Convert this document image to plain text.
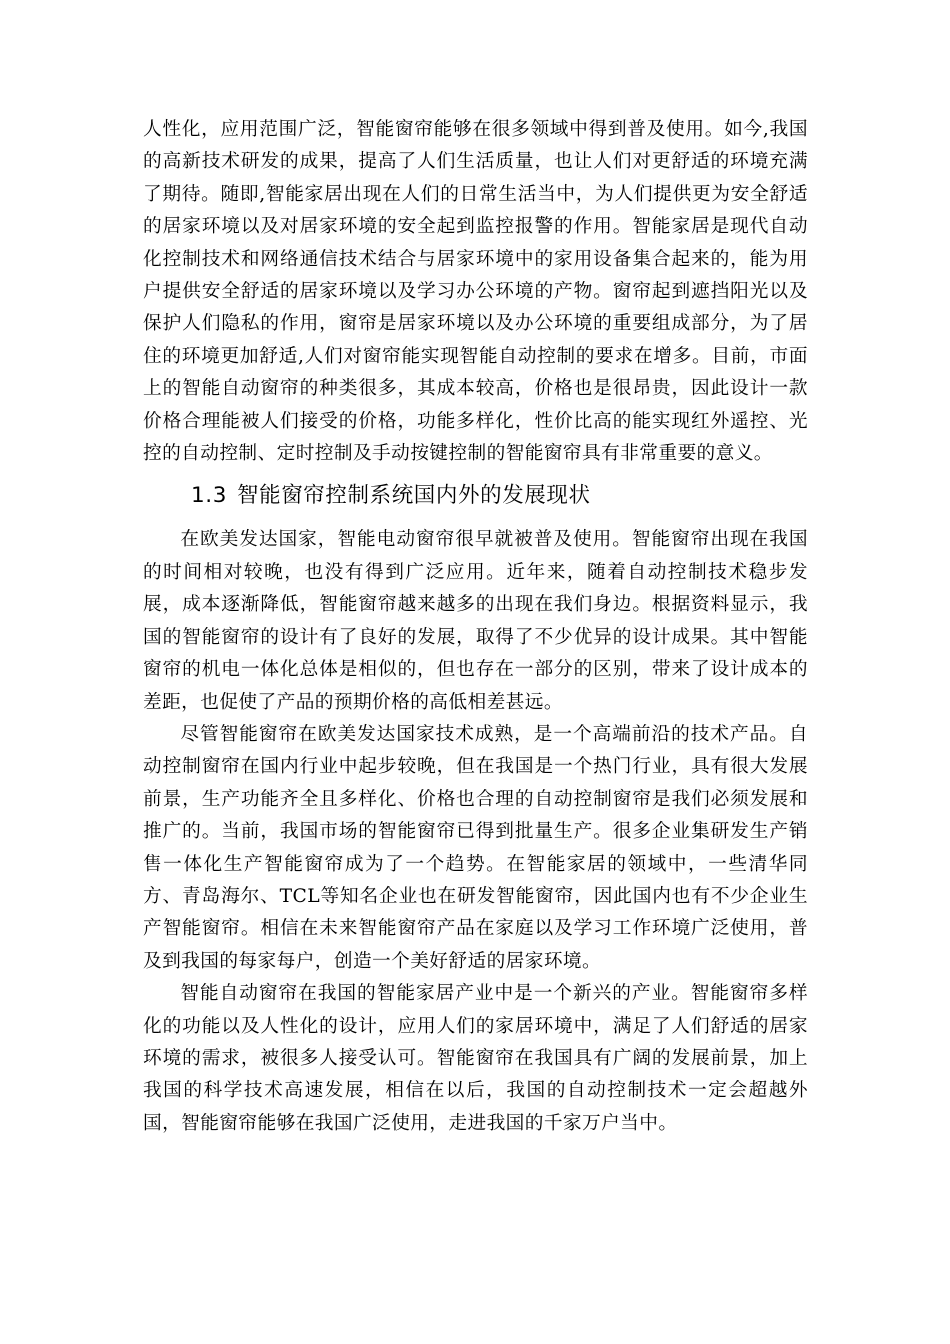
人性化，应用范围广泛，智能窗帘能够在很多领域中得到普及使用。如今,我国的高新技术研发的成果，提高了人们生活质量，也让人们对更舒适的环境充满了期待。随即,智能家居出现在人们的日常生活当中，为人们提供更为安全舒适的居家环境以及对居家环境的安全起到监控报警的作用。智能家居是现代自动化控制技术和网络通信技术结合与居家环境中的家用设备集合起来的，能为用户提供安全舒适的居家环境以及学习办公环境的产物。窗帘起到遮挡阳光以及保护人们隐私的作用，窗帘是居家环境以及办公环境的重要组成部分，为了居住的环境更加舒适,人们对窗帘能实现智能自动控制的要求在增多。目前，市面上的智能自动窗帘的种类很多，其成本较高，价格也是很昂贵，因此设计一款价格合理能被人们接受的价格，功能多样化，性价比高的能实现红外遥控、光控的自动控制、定时控制及手动按键控制的智能窗帘具有非常重要的意义。

1.3 智能窗帘控制系统国内外的发展现状

在欧美发达国家，智能电动窗帘很早就被普及使用。智能窗帘出现在我国的时间相对较晚，也没有得到广泛应用。近年来，随着自动控制技术稳步发展，成本逐渐降低，智能窗帘越来越多的出现在我们身边。根据资料显示，我国的智能窗帘的设计有了良好的发展，取得了不少优异的设计成果。其中智能窗帘的机电一体化总体是相似的，但也存在一部分的区别，带来了设计成本的差距，也促使了产品的预期价格的高低相差甚远。

尽管智能窗帘在欧美发达国家技术成熟，是一个高端前沿的技术产品。自动控制窗帘在国内行业中起步较晚，但在我国是一个热门行业，具有很大发展前景，生产功能齐全且多样化、价格也合理的自动控制窗帘是我们必须发展和推广的。当前，我国市场的智能窗帘已得到批量生产。很多企业集研发生产销售一体化生产智能窗帘成为了一个趋势。在智能家居的领域中，一些清华同方、青岛海尔、TCL等知名企业也在研发智能窗帘，因此国内也有不少企业生产智能窗帘。相信在未来智能窗帘产品在家庭以及学习工作环境广泛使用，普及到我国的每家每户，创造一个美好舒适的居家环境。

智能自动窗帘在我国的智能家居产业中是一个新兴的产业。智能窗帘多样化的功能以及人性化的设计，应用人们的家居环境中，满足了人们舒适的居家环境的需求，被很多人接受认可。智能窗帘在我国具有广阔的发展前景，加上我国的科学技术高速发展，相信在以后，我国的自动控制技术一定会超越外国，智能窗帘能够在我国广泛使用，走进我国的千家万户当中。
